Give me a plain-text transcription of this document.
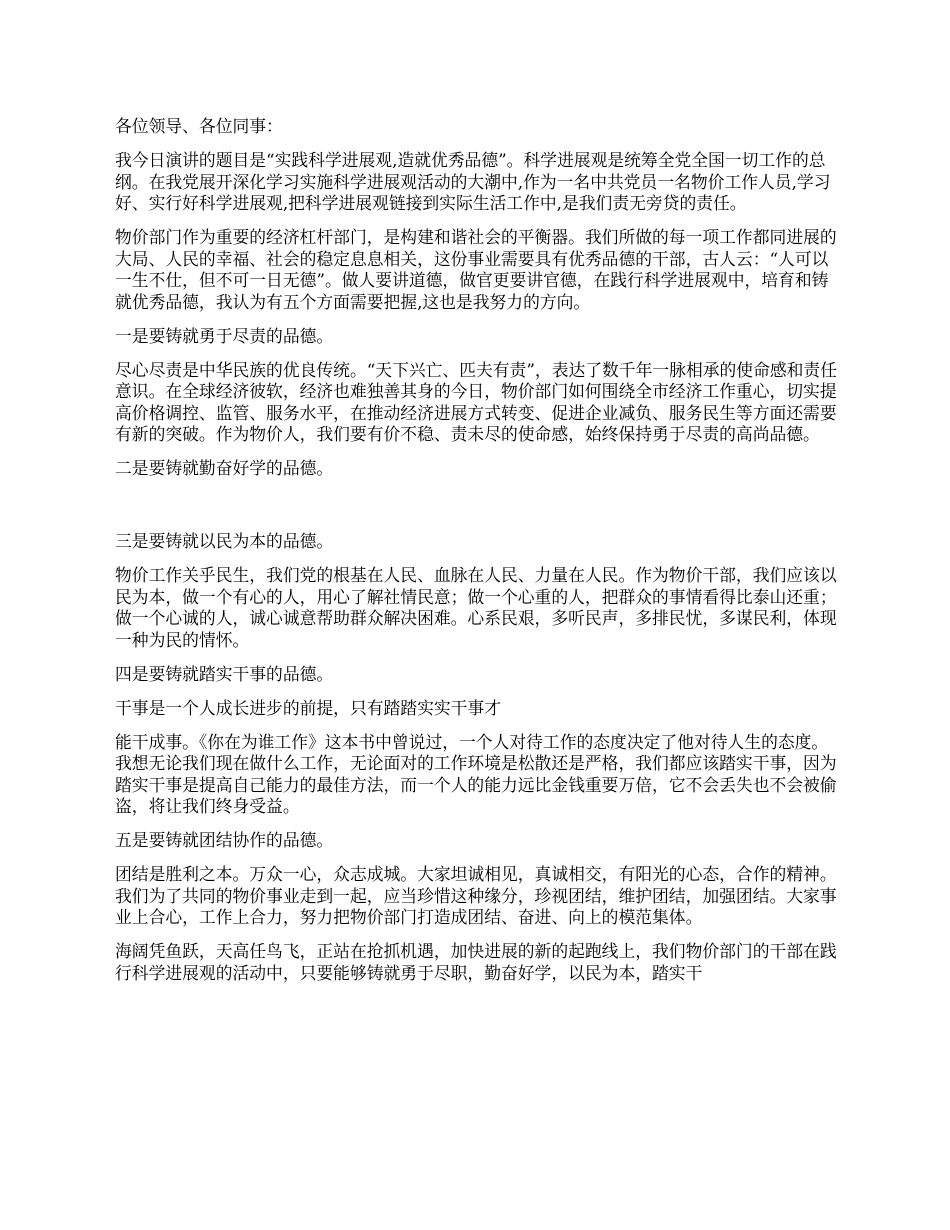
各位领导、各位同事：

我今日演讲的题目是“实践科学进展观,造就优秀品德”。科学进展观是统筹全党全国一切工作的总纲。在我党展开深化学习实施科学进展观活动的大潮中,作为一名中共党员一名物价工作人员,学习好、实行好科学进展观,把科学进展观链接到实际生活工作中,是我们责无旁贷的责任。

物价部门作为重要的经济杠杆部门，是构建和谐社会的平衡器。我们所做的每一项工作都同进展的大局、人民的幸福、社会的稳定息息相关，这份事业需要具有优秀品德的干部，古人云：“人可以一生不仕，但不可一日无德”。做人要讲道德，做官更要讲官德，在践行科学进展观中，培育和铸就优秀品德，我认为有五个方面需要把握,这也是我努力的方向。

一是要铸就勇于尽责的品德。

尽心尽责是中华民族的优良传统。“天下兴亡、匹夫有责”，表达了数千年一脉相承的使命感和责任意识。在全球经济彼软，经济也难独善其身的今日，物价部门如何围绕全市经济工作重心，切实提高价格调控、监管、服务水平，在推动经济进展方式转变、促进企业减负、服务民生等方面还需要有新的突破。作为物价人，我们要有价不稳、责未尽的使命感，始终保持勇于尽责的高尚品德。

二是要铸就勤奋好学的品德。

三是要铸就以民为本的品德。

物价工作关乎民生，我们党的根基在人民、血脉在人民、力量在人民。作为物价干部，我们应该以民为本，做一个有心的人，用心了解社情民意；做一个心重的人，把群众的事情看得比泰山还重；做一个心诚的人，诚心诚意帮助群众解决困难。心系民艰，多听民声，多排民忧，多谋民利，体现一种为民的情怀。

四是要铸就踏实干事的品德。

干事是一个人成长进步的前提，只有踏踏实实干事才

能干成事。《你在为谁工作》这本书中曾说过，一个人对待工作的态度决定了他对待人生的态度。我想无论我们现在做什么工作，无论面对的工作环境是松散还是严格，我们都应该踏实干事，因为踏实干事是提高自己能力的最佳方法，而一个人的能力远比金钱重要万倍，它不会丢失也不会被偷盗，将让我们终身受益。

五是要铸就团结协作的品德。

团结是胜利之本。万众一心，众志成城。大家坦诚相见，真诚相交，有阳光的心态，合作的精神。我们为了共同的物价事业走到一起，应当珍惜这种缘分，珍视团结，维护团结，加强团结。大家事业上合心，工作上合力，努力把物价部门打造成团结、奋进、向上的模范集体。

海阔凭鱼跃，天高任鸟飞，正站在抢抓机遇，加快进展的新的起跑线上，我们物价部门的干部在践行科学进展观的活动中，只要能够铸就勇于尽职，勤奋好学，以民为本，踏实干
